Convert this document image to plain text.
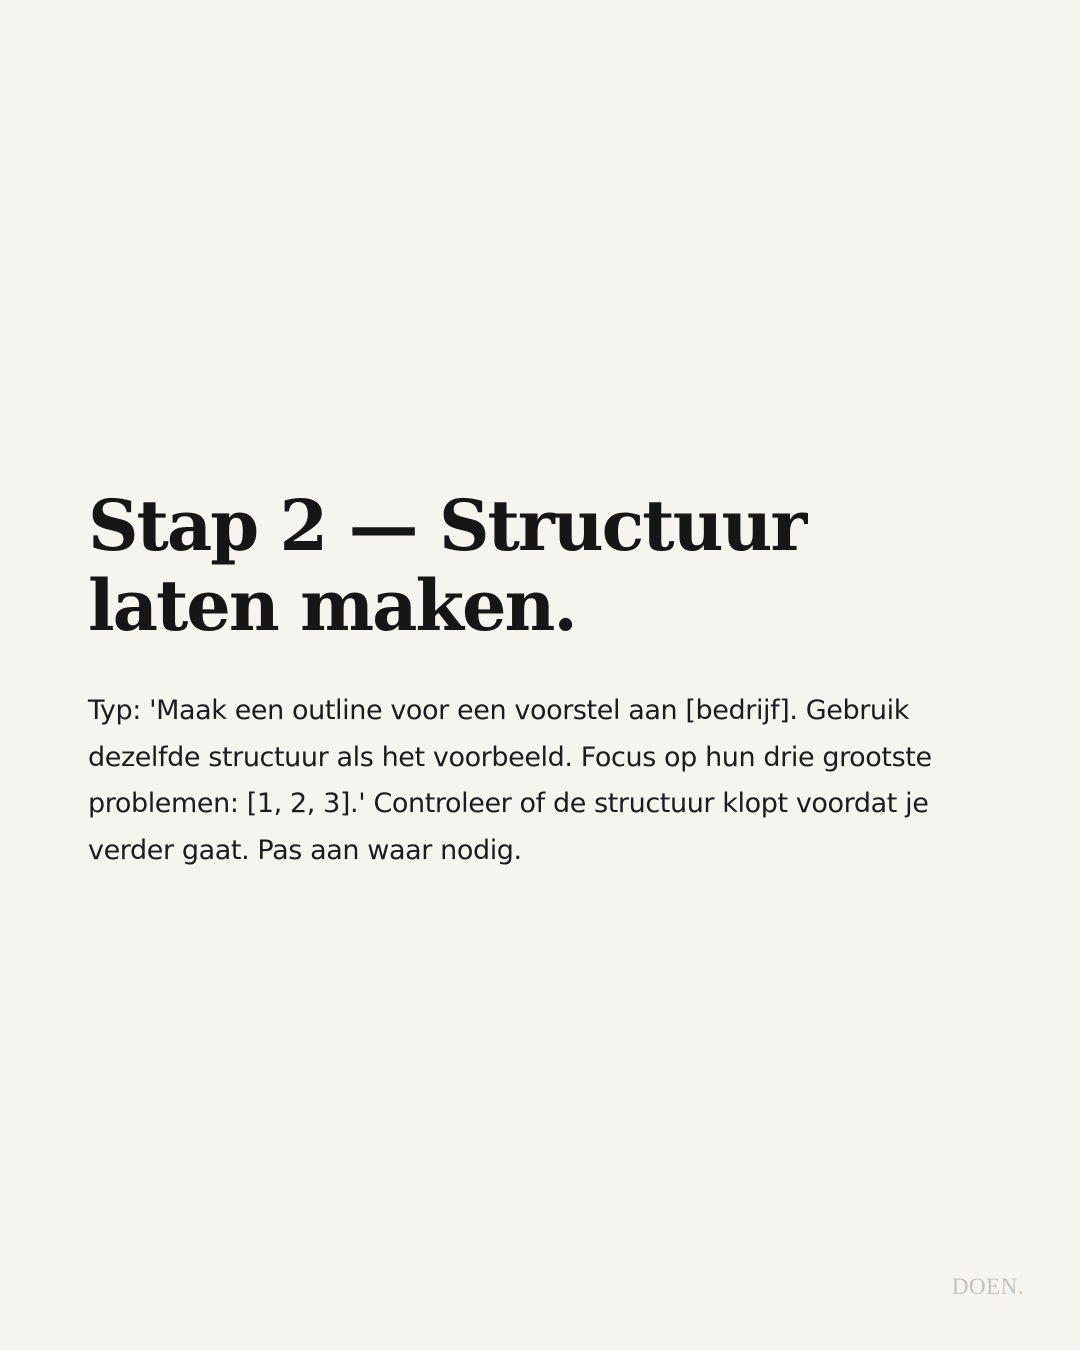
Stap 2 — Structuur laten maken.

Typ: 'Maak een outline voor een voorstel aan [bedrijf]. Gebruik dezelfde structuur als het voorbeeld. Focus op hun drie grootste problemen: [1, 2, 3].' Controleer of de structuur klopt voordat je verder gaat. Pas aan waar nodig.

DOEN.
